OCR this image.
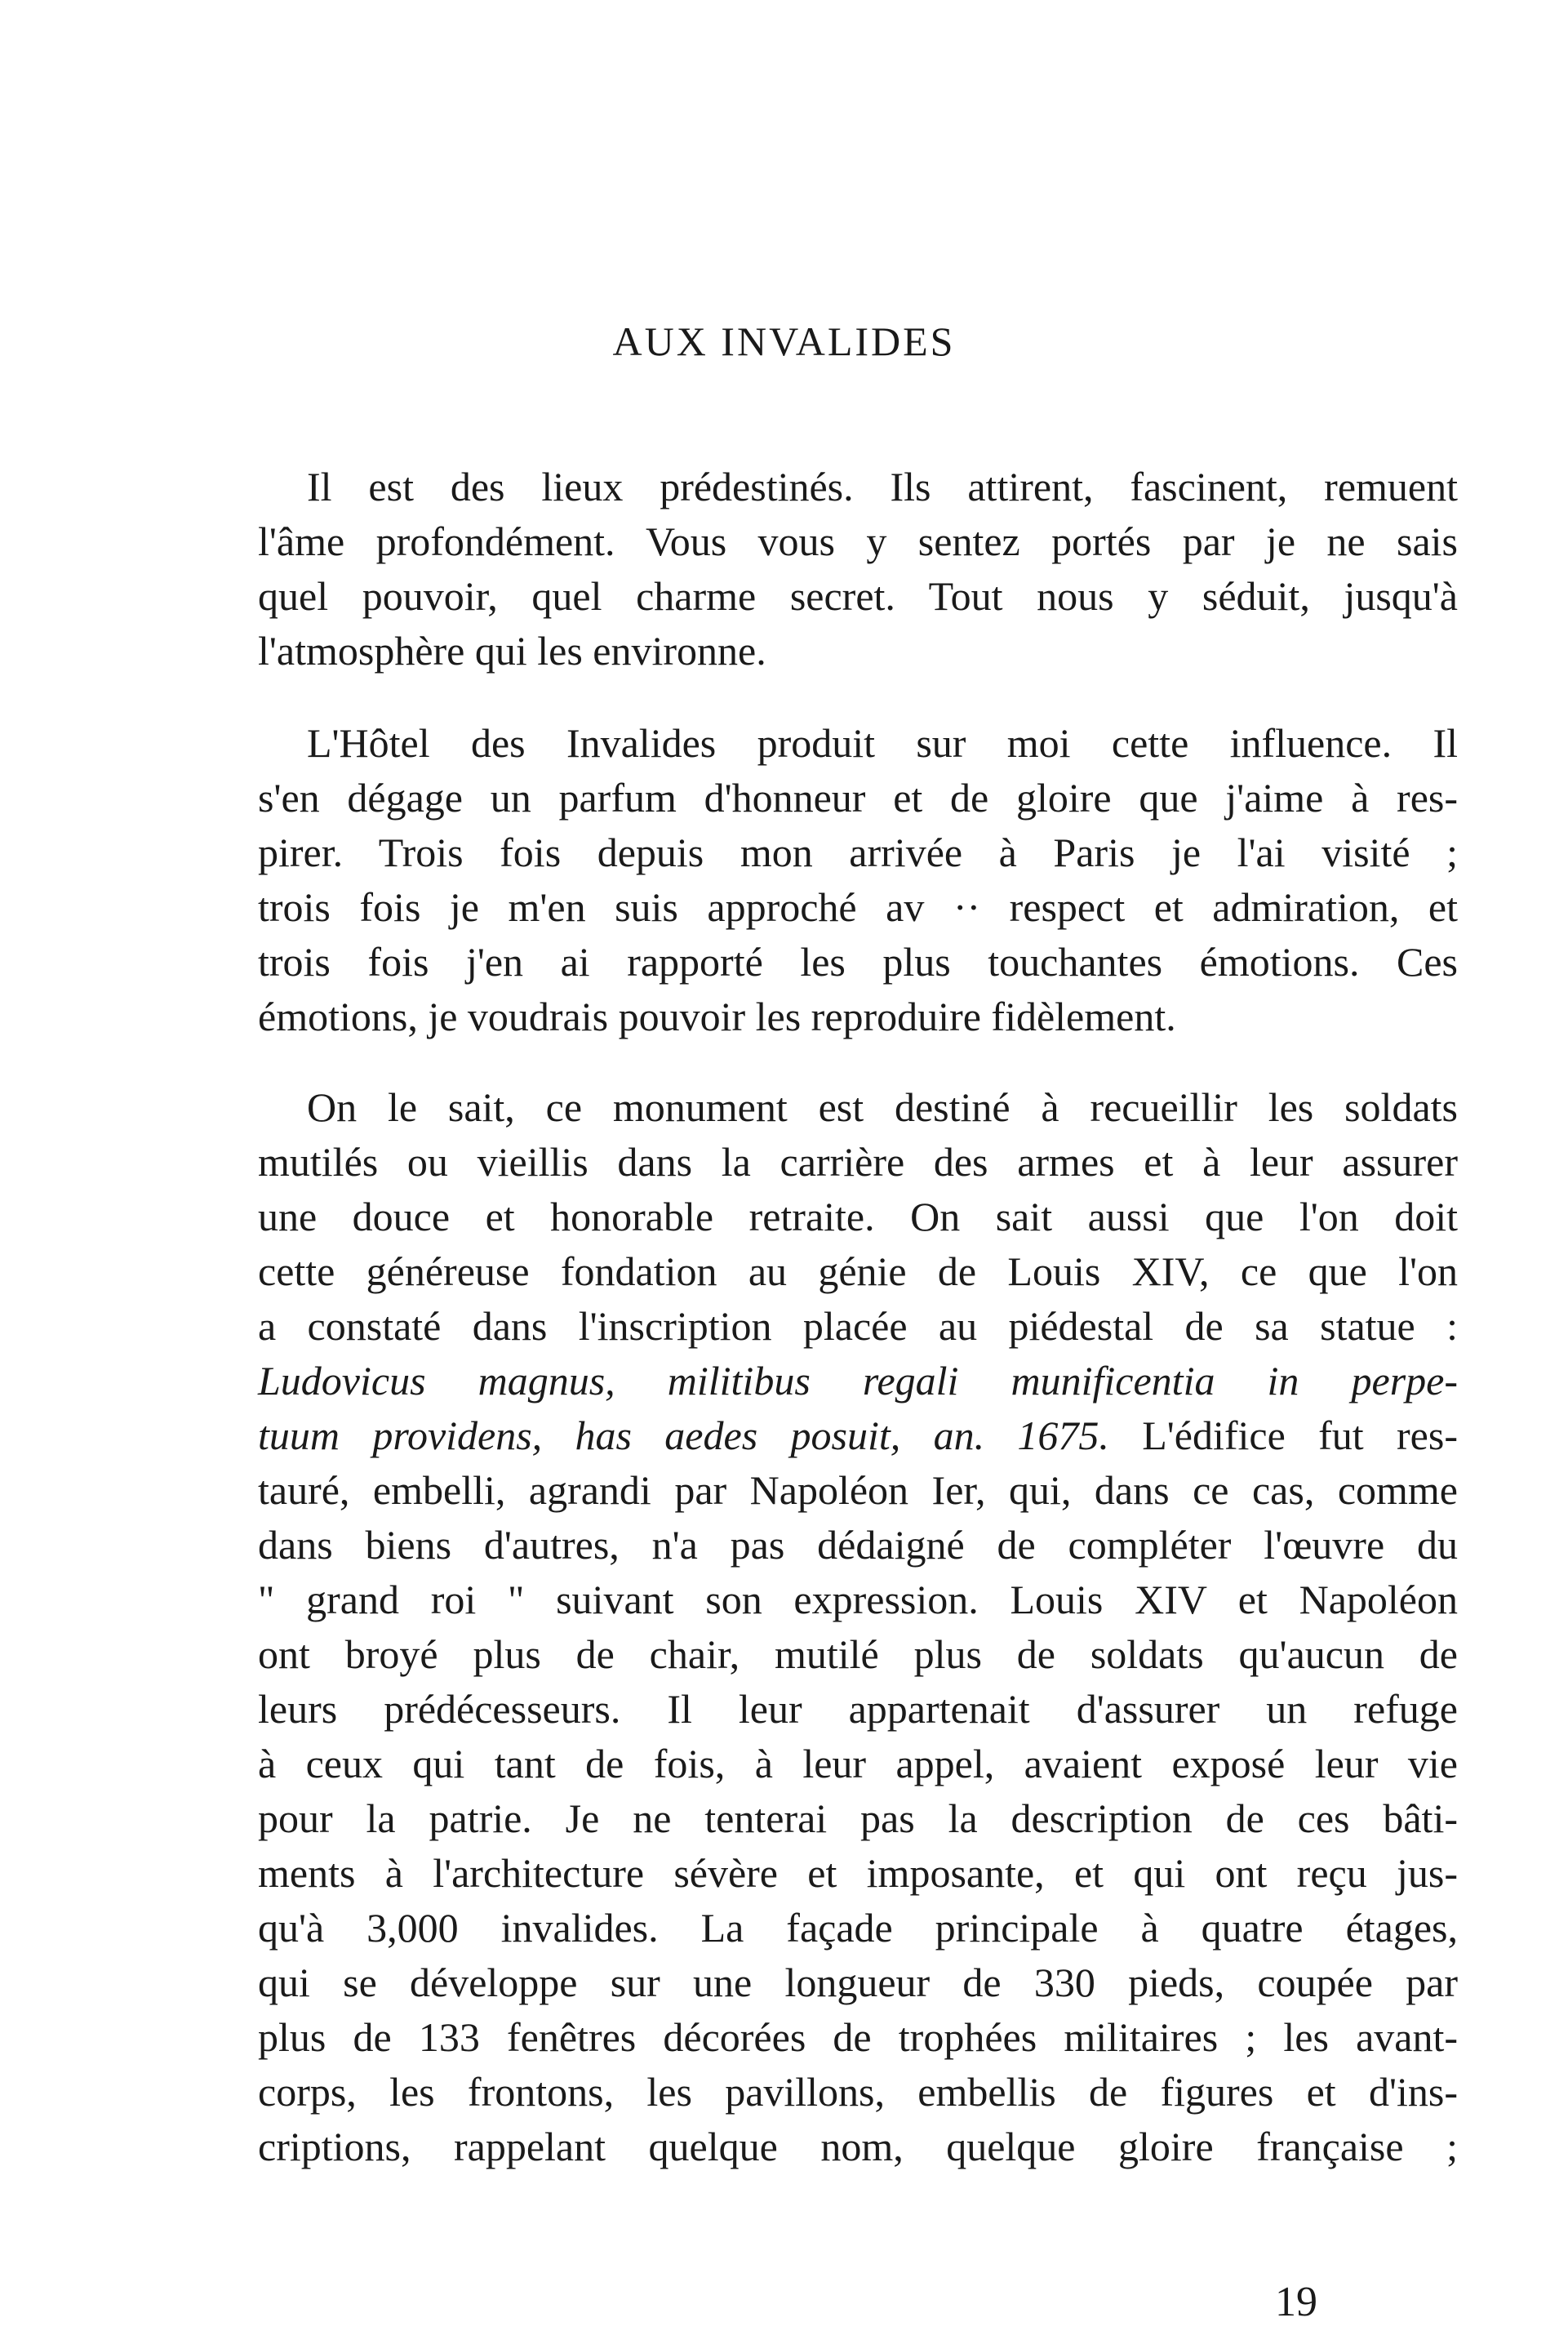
AUX INVALIDES
Il est des lieux prédestinés. Ils attirent, fascinent, remuent
l'âme profondément. Vous vous y sentez portés par je ne sais
quel pouvoir, quel charme secret. Tout nous y séduit, jusqu'à
l'atmosphère qui les environne.
L'Hôtel des Invalides produit sur moi cette influence. Il
s'en dégage un parfum d'honneur et de gloire que j'aime à res-
pirer. Trois fois depuis mon arrivée à Paris je l'ai visité ;
trois fois je m'en suis approché av ·· respect et admiration, et
trois fois j'en ai rapporté les plus touchantes émotions. Ces
émotions, je voudrais pouvoir les reproduire fidèlement.
On le sait, ce monument est destiné à recueillir les soldats
mutilés ou vieillis dans la carrière des armes et à leur assurer
une douce et honorable retraite. On sait aussi que l'on doit
cette généreuse fondation au génie de Louis XIV, ce que l'on
a constaté dans l'inscription placée au piédestal de sa statue :
Ludovicus magnus, militibus regali munificentia in perpe-
tuum providens, has aedes posuit, an. 1675. L'édifice fut res-
tauré, embelli, agrandi par Napoléon Ier, qui, dans ce cas, comme
dans biens d'autres, n'a pas dédaigné de compléter l'œuvre du
" grand roi " suivant son expression. Louis XIV et Napoléon
ont broyé plus de chair, mutilé plus de soldats qu'aucun de
leurs prédécesseurs. Il leur appartenait d'assurer un refuge
à ceux qui tant de fois, à leur appel, avaient exposé leur vie
pour la patrie. Je ne tenterai pas la description de ces bâti-
ments à l'architecture sévère et imposante, et qui ont reçu jus-
qu'à 3,000 invalides. La façade principale à quatre étages,
qui se développe sur une longueur de 330 pieds, coupée par
plus de 133 fenêtres décorées de trophées militaires ; les avant-
corps, les frontons, les pavillons, embellis de figures et d'ins-
criptions, rappelant quelque nom, quelque gloire française ;
19
